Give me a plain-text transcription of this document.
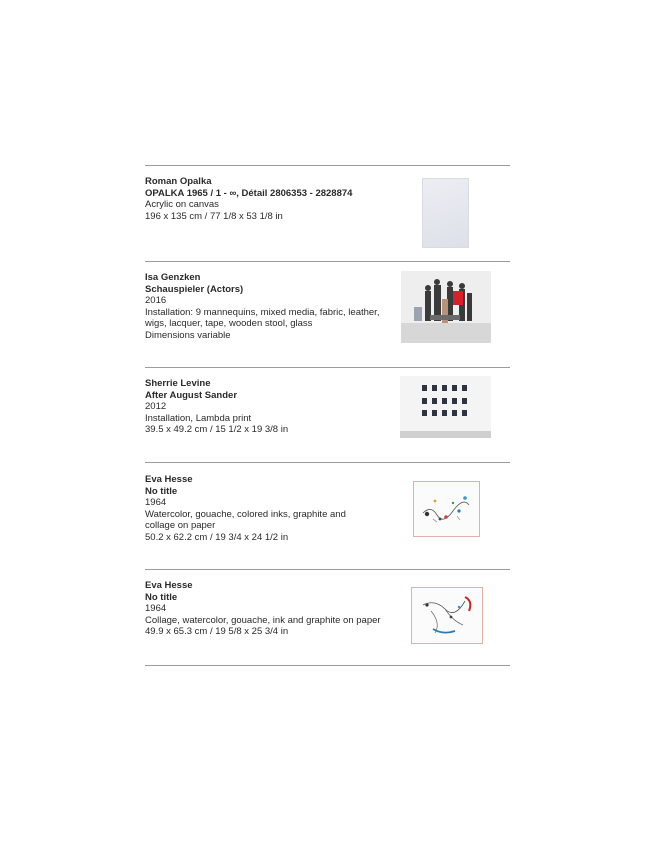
Roman Opalka
OPALKA 1965 / 1 - ∞, Détail 2806353 - 2828874
Acrylic on canvas
196 x 135 cm / 77 1/8 x 53 1/8 in
Isa Genzken
Schauspieler (Actors)
2016
Installation: 9 mannequins, mixed media, fabric, leather,
wigs, lacquer, tape, wooden stool, glass
Dimensions variable
Sherrie Levine
After August Sander
2012
Installation, Lambda print
39.5 x 49.2 cm / 15 1/2 x 19 3/8 in
Eva Hesse
No title
1964
Watercolor, gouache, colored inks, graphite and
collage on paper
50.2 x 62.2 cm / 19 3/4 x 24 1/2 in
Eva Hesse
No title
1964
Collage, watercolor, gouache, ink and graphite on paper
49.9 x 65.3 cm / 19 5/8 x 25 3/4 in
